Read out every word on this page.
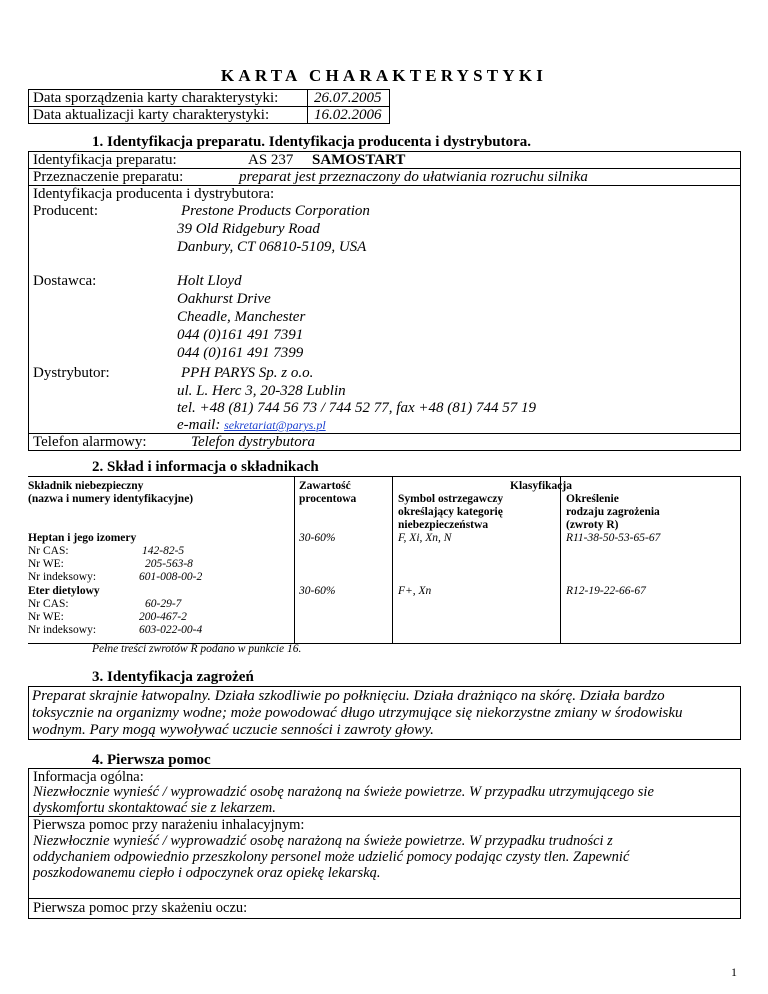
KARTA CHARAKTERYSTYKI
Data sporządzenia karty charakterystyki: 26.07.2005
Data aktualizacji karty charakterystyki:	16.02.2006
1. Identyfikacja preparatu. Identyfikacja producenta i dystrybutora.
Identyfikacja preparatu:	AS 237 SAMOSTART
Przeznaczenie preparatu:	preparat jest przeznaczony do ułatwiania rozruchu silnika
Identyfikacja producenta i dystrybutora:
Producent:	Prestone Products Corporation
39 Old Ridgebury Road
Danbury, CT 06810-5109, USA
Dostawca:	Holt Lloyd
Oakhurst Drive
Cheadle, Manchester
044 (0)161 491 7391
044 (0)161 491 7399
Dystrybutor:	PPH PARYS Sp. z o.o.
ul. L. Herc 3, 20-328 Lublin
tel. +48 (81) 744 56 73 / 744 52 77, fax +48 (81) 744 57 19
e-mail: sekretariat@parys.pl
Telefon alarmowy:	Telefon dystrybutora
2. Skład i informacja o składnikach
Składnik niebezpieczny
(nazwa i numery identyfikacyjne)
Zawartość
procentowa
Klasyfikacja
Symbol ostrzegawczy
określający kategorię
niebezpieczeństwa
Określenie
rodzaju zagrożenia
(zwroty R)
Heptan i jego izomery
Nr CAS:	142-82-5
Nr WE:	205-563-8
Nr indeksowy:	601-008-00-2
30-60%	F, Xi, Xn, N	R11-38-50-53-65-67
Eter dietylowy
Nr CAS:	60-29-7
Nr WE:	200-467-2
Nr indeksowy:	603-022-00-4
30-60%	F+, Xn	R12-19-22-66-67
Pełne treści zwrotów R podano w punkcie 16.
3. Identyfikacja zagrożeń
Preparat skrajnie łatwopalny. Działa szkodliwie po połknięciu. Działa drażniąco na skórę. Działa bardzo
toksycznie na organizmy wodne; może powodować długo utrzymujące się niekorzystne zmiany w środowisku
wodnym. Pary mogą wywoływać uczucie senności i zawroty głowy.
4. Pierwsza pomoc
Informacja ogólna:
Niezwłocznie wynieść / wyprowadzić osobę narażoną na świeże powietrze. W przypadku utrzymującego sie
dyskomfortu skontaktować sie z lekarzem.
Pierwsza pomoc przy narażeniu inhalacyjnym:
Niezwłocznie wynieść / wyprowadzić osobę narażoną na świeże powietrze. W przypadku trudności z
oddychaniem odpowiednio przeszkolony personel może udzielić pomocy podając czysty tlen. Zapewnić
poszkodowanemu ciepło i odpoczynek oraz opiekę lekarską.
Pierwsza pomoc przy skażeniu oczu:
1
